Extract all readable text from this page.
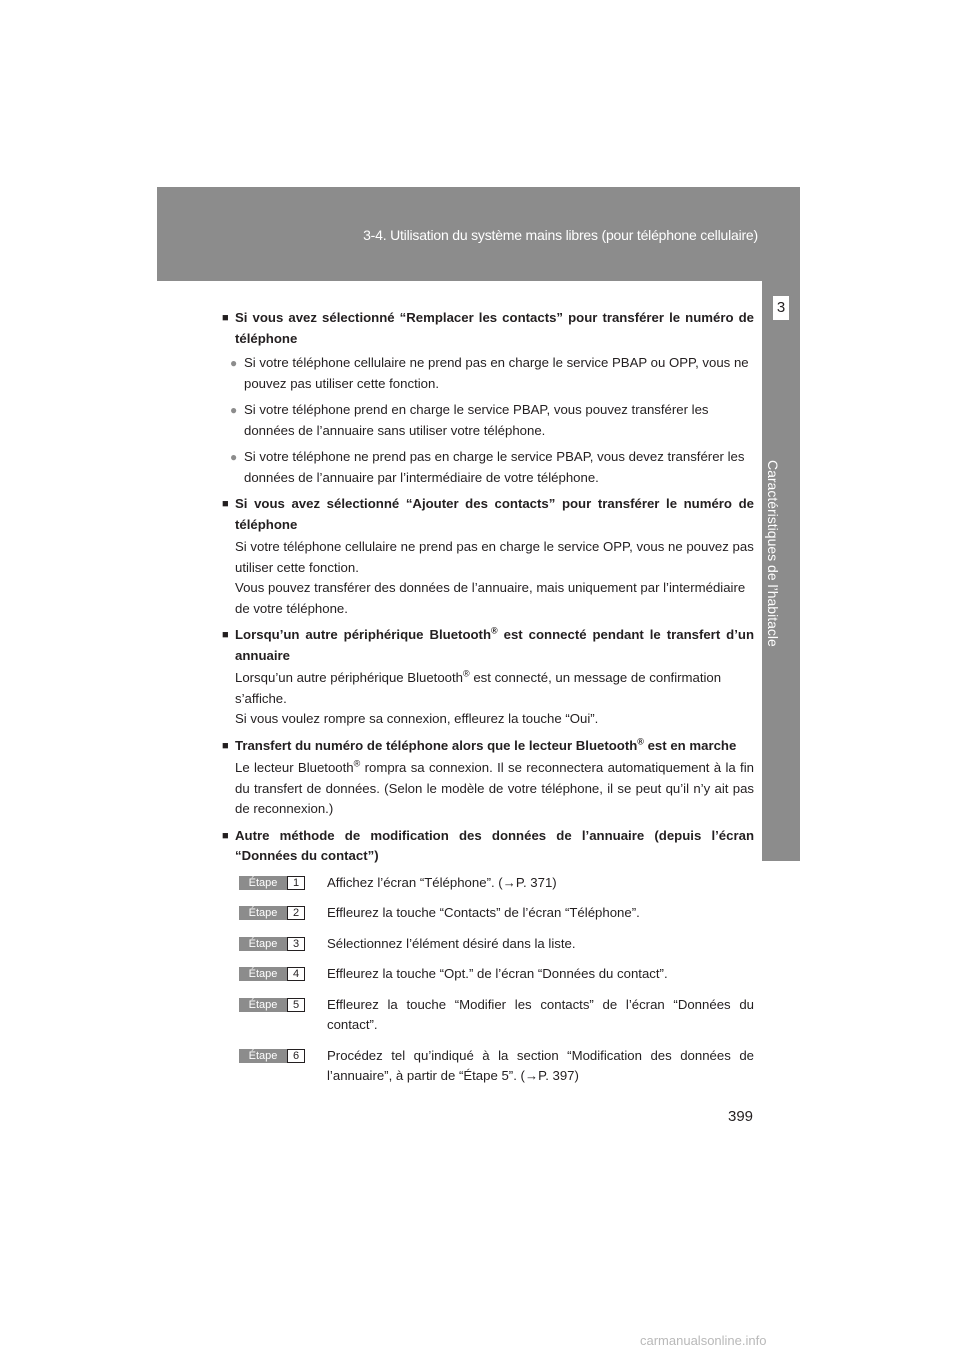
3-4. Utilisation du système mains libres (pour téléphone cellulaire)
3
Caractéristiques de l’habitacle
■ Si vous avez sélectionné “Remplacer les contacts” pour transférer le numéro de téléphone
● Si votre téléphone cellulaire ne prend pas en charge le service PBAP ou OPP, vous ne pouvez pas utiliser cette fonction.
● Si votre téléphone prend en charge le service PBAP, vous pouvez transférer les données de l’annuaire sans utiliser votre téléphone.
● Si votre téléphone ne prend pas en charge le service PBAP, vous devez transférer les données de l’annuaire par l’intermédiaire de votre téléphone.
■ Si vous avez sélectionné “Ajouter des contacts” pour transférer le numéro de téléphone
Si votre téléphone cellulaire ne prend pas en charge le service OPP, vous ne pouvez pas utiliser cette fonction.
Vous pouvez transférer des données de l’annuaire, mais uniquement par l’intermédiaire de votre téléphone.
■ Lorsqu’un autre périphérique Bluetooth® est connecté pendant le transfert d’un annuaire
Lorsqu’un autre périphérique Bluetooth® est connecté, un message de confirmation s’affiche.
Si vous voulez rompre sa connexion, effleurez la touche “Oui”.
■ Transfert du numéro de téléphone alors que le lecteur Bluetooth® est en marche
Le lecteur Bluetooth® rompra sa connexion. Il se reconnectera automatiquement à la fin du transfert de données. (Selon le modèle de votre téléphone, il se peut qu’il n’y ait pas de reconnexion.)
■ Autre méthode de modification des données de l’annuaire (depuis l’écran “Données du contact”)
Étape	1	Affichez l’écran “Téléphone”. (→P. 371)
Étape	2	Effleurez la touche “Contacts” de l’écran “Téléphone”.
Étape	3	Sélectionnez l’élément désiré dans la liste.
Étape	4	Effleurez la touche “Opt.” de l’écran “Données du contact”.
Étape	5	Effleurez la touche “Modifier les contacts” de l’écran “Données du contact”.
Étape	6	Procédez tel qu’indiqué à la section “Modification des données de l’annuaire”, à partir de “Étape 5”. (→P. 397)
399
carmanualsonline.info
